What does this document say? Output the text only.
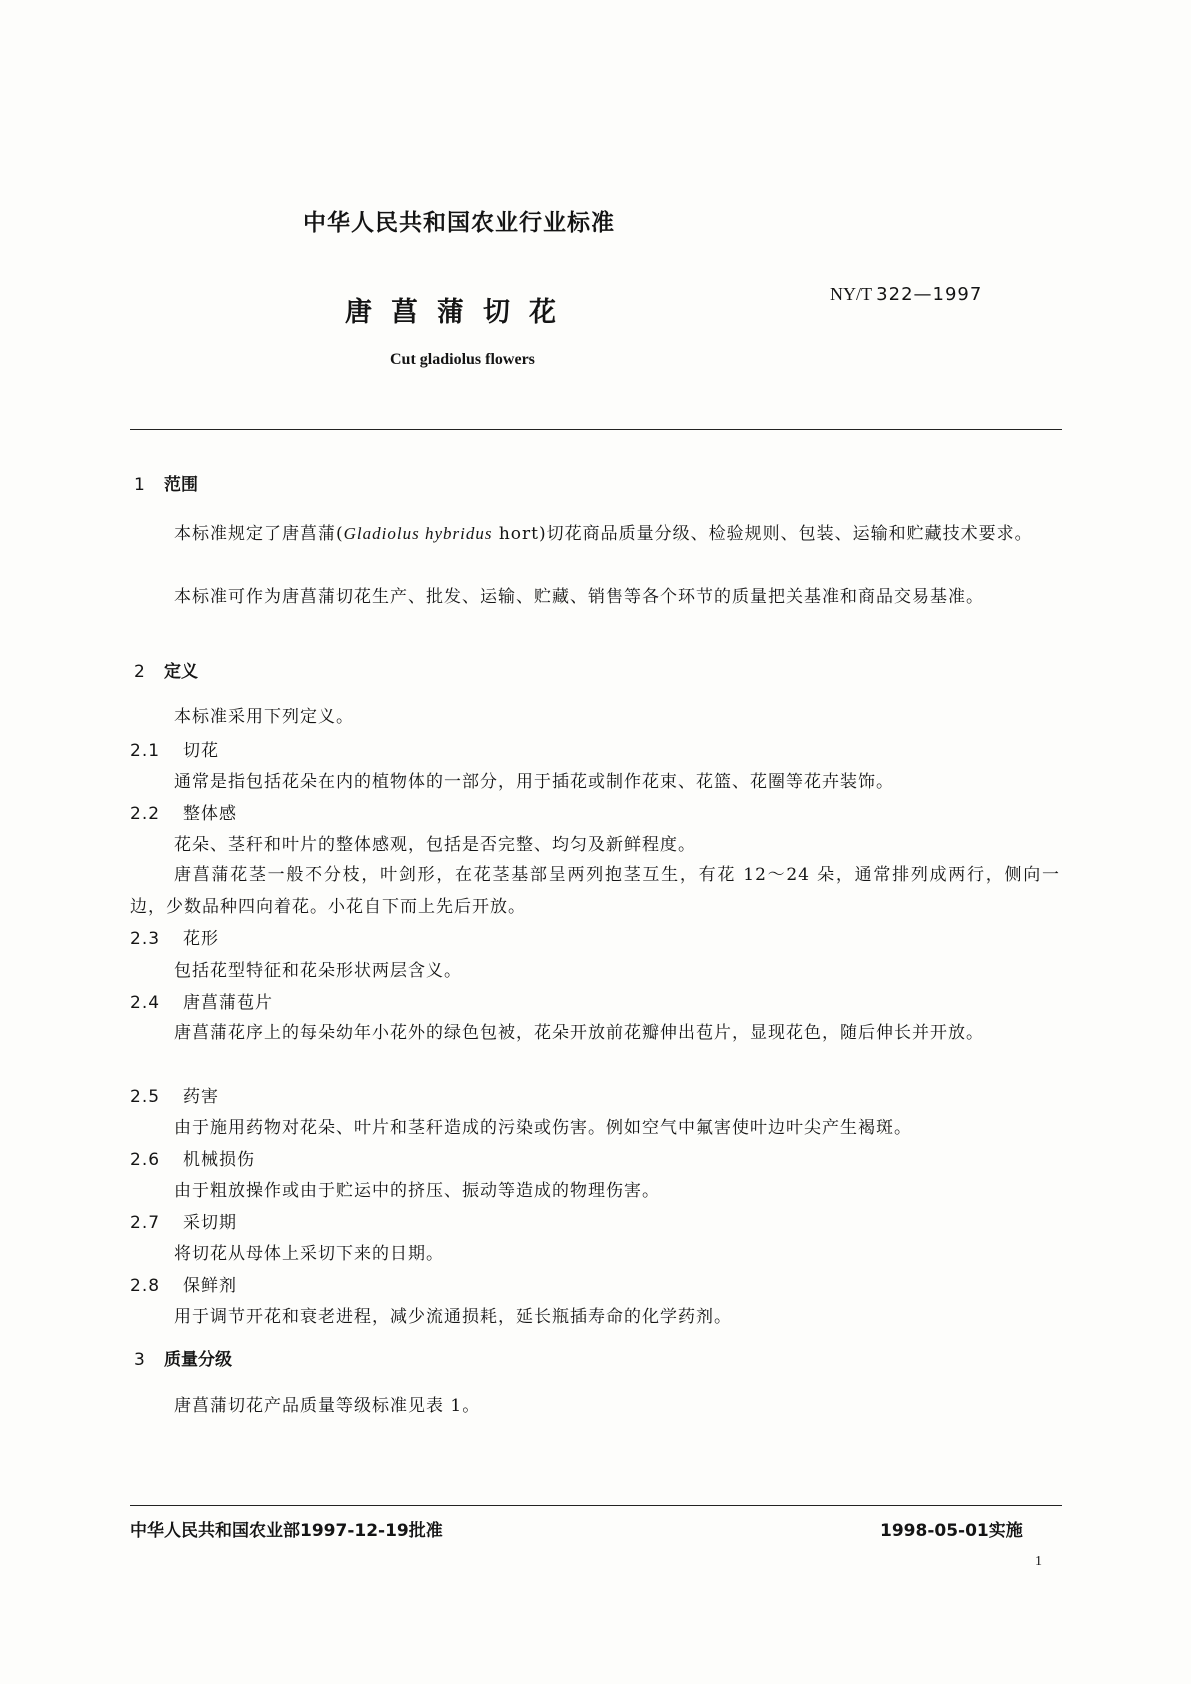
中华人民共和国农业行业标准
唐菖蒲切花
NY/T 322—1997
Cut gladiolus flowers
1 范围
本标准规定了唐菖蒲(Gladiolus hybridus hort)切花商品质量分级、检验规则、包装、运输和贮藏技术要求。
本标准可作为唐菖蒲切花生产、批发、运输、贮藏、销售等各个环节的质量把关基准和商品交易基准。
2 定义
本标准采用下列定义。
2.1 切花
通常是指包括花朵在内的植物体的一部分，用于插花或制作花束、花篮、花圈等花卉装饰。
2.2 整体感
花朵、茎秆和叶片的整体感观，包括是否完整、均匀及新鲜程度。
唐菖蒲花茎一般不分枝，叶剑形，在花茎基部呈两列抱茎互生，有花 12～24 朵，通常排列成两行，侧向一边，少数品种四向着花。小花自下而上先后开放。
2.3 花形
包括花型特征和花朵形状两层含义。
2.4 唐菖蒲苞片
唐菖蒲花序上的每朵幼年小花外的绿色包被，花朵开放前花瓣伸出苞片，显现花色，随后伸长并开放。
2.5 药害
由于施用药物对花朵、叶片和茎秆造成的污染或伤害。例如空气中氟害使叶边叶尖产生褐斑。
2.6 机械损伤
由于粗放操作或由于贮运中的挤压、振动等造成的物理伤害。
2.7 采切期
将切花从母体上采切下来的日期。
2.8 保鲜剂
用于调节开花和衰老进程，减少流通损耗，延长瓶插寿命的化学药剂。
3 质量分级
唐菖蒲切花产品质量等级标准见表 1。
中华人民共和国农业部1997-12-19批准	1998-05-01实施
1
